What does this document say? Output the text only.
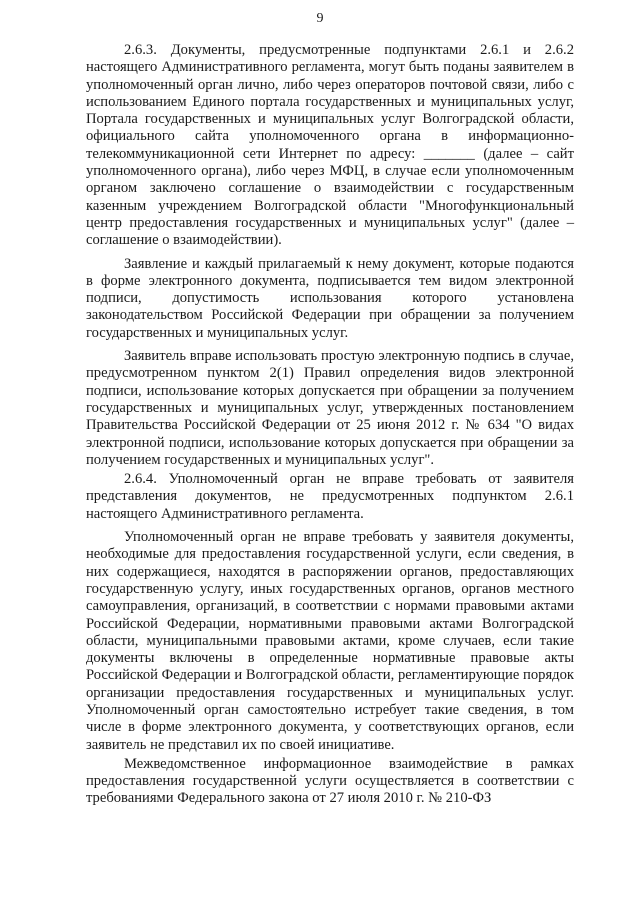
9

2.6.3. Документы, предусмотренные подпунктами 2.6.1 и 2.6.2 настоящего Административного регламента, могут быть поданы заявителем в уполномоченный орган лично, либо через операторов почтовой связи, либо с использованием Единого портала государственных и муниципальных услуг, Портала государственных и муниципальных услуг Волгоградской области, официального сайта уполномоченного органа в информационно-телекоммуникационной сети Интернет по адресу: _______ (далее – сайт уполномоченного органа), либо через МФЦ, в случае если уполномоченным органом заключено соглашение о взаимодействии с государственным казенным учреждением Волгоградской области "Многофункциональный центр предоставления государственных и муниципальных услуг" (далее – соглашение о взаимодействии).

Заявление и каждый прилагаемый к нему документ, которые подаются в форме электронного документа, подписывается тем видом электронной подписи, допустимость использования которого установлена законодательством Российской Федерации при обращении за получением государственных и муниципальных услуг.

Заявитель вправе использовать простую электронную подпись в случае, предусмотренном пунктом 2(1) Правил определения видов электронной подписи, использование которых допускается при обращении за получением государственных и муниципальных услуг, утвержденных постановлением Правительства Российской Федерации от 25 июня 2012 г. № 634 "О видах электронной подписи, использование которых допускается при обращении за получением государственных и муниципальных услуг".

2.6.4. Уполномоченный орган не вправе требовать от заявителя представления документов, не предусмотренных подпунктом 2.6.1 настоящего Административного регламента.

Уполномоченный орган не вправе требовать у заявителя документы, необходимые для предоставления государственной услуги, если сведения, в них содержащиеся, находятся в распоряжении органов, предоставляющих государственную услугу, иных государственных органов, органов местного самоуправления, организаций, в соответствии с нормами правовыми актами Российской Федерации, нормативными правовыми актами Волгоградской области, муниципальными правовыми актами, кроме случаев, если такие документы включены в определенные нормативные правовые акты Российской Федерации и Волгоградской области, регламентирующие порядок организации предоставления государственных и муниципальных услуг. Уполномоченный орган самостоятельно истребует такие сведения, в том числе в форме электронного документа, у соответствующих органов, если заявитель не представил их по своей инициативе.

Межведомственное информационное взаимодействие в рамках предоставления государственной услуги осуществляется в соответствии с требованиями Федерального закона от 27 июля 2010 г. № 210-ФЗ
